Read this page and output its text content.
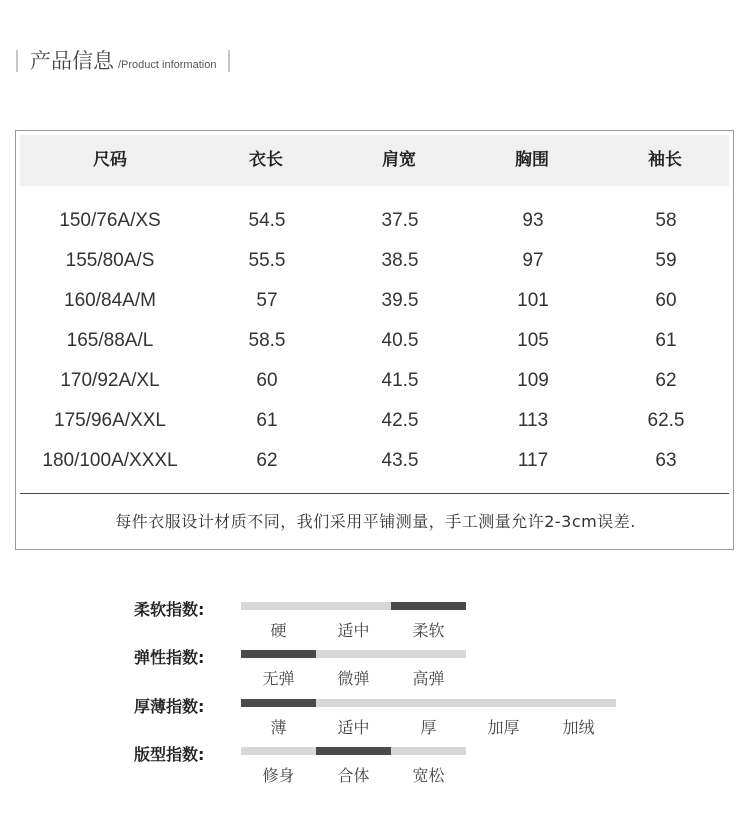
产品信息 /Product information
尺码	衣长	肩宽	胸围	袖长
150/76A/XS	54.5	37.5	93	58
155/80A/S	55.5	38.5	97	59
160/84A/M	57	39.5	101	60
165/88A/L	58.5	40.5	105	61
170/92A/XL	60	41.5	109	62
175/96A/XXL	61	42.5	113	62.5
180/100A/XXXL	62	43.5	117	63
每件衣服设计材质不同，我们采用平铺测量，手工测量允许2-3cm误差.
柔软指数:
硬	适中	柔软
弹性指数:
无弹	微弹	高弹
厚薄指数:
薄	适中	厚	加厚	加绒
版型指数:
修身	合体	宽松
